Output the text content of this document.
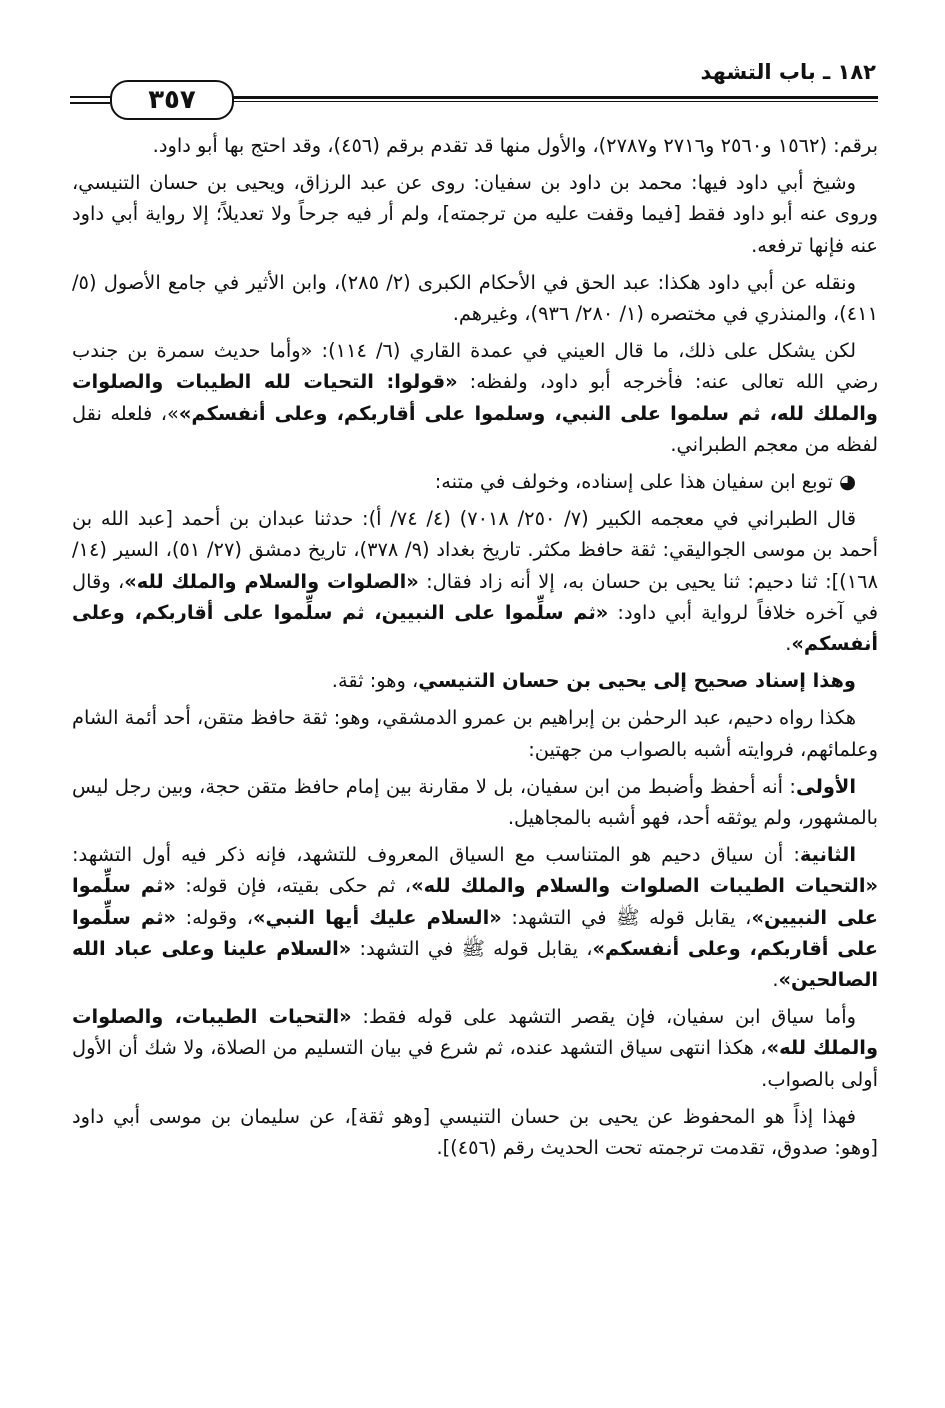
١٨٢ ـ باب التشهد
٣٥٧

برقم: (١٥٦٢ و٢٥٦٠ و٢٧١٦ و٢٧٨٧)، والأول منها قد تقدم برقم (٤٥٦)، وقد احتج بها أبو داود.

وشيخ أبي داود فيها: محمد بن داود بن سفيان: روى عن عبد الرزاق، ويحيى بن حسان التنيسي، وروى عنه أبو داود فقط [فيما وقفت عليه من ترجمته]، ولم أر فيه جرحاً ولا تعديلاً؛ إلا رواية أبي داود عنه فإنها ترفعه.

ونقله عن أبي داود هكذا: عبد الحق في الأحكام الكبرى (٢/ ٢٨٥)، وابن الأثير في جامع الأصول (٥/ ٤١١)، والمنذري في مختصره (١/ ٢٨٠/ ٩٣٦)، وغيرهم.

لكن يشكل على ذلك، ما قال العيني في عمدة القاري (٦/ ١١٤): «وأما حديث سمرة بن جندب رضي الله تعالى عنه: فأخرجه أبو داود، ولفظه: «قولوا: التحيات لله الطيبات والصلوات والملك لله، ثم سلموا على النبي، وسلموا على أقاربكم، وعلى أنفسكم»»، فلعله نقل لفظه من معجم الطبراني.

◕ توبع ابن سفيان هذا على إسناده، وخولف في متنه:

قال الطبراني في معجمه الكبير (٧/ ٢٥٠/ ٧٠١٨) (٤/ ٧٤/ أ): حدثنا عبدان بن أحمد [عبد الله بن أحمد بن موسى الجواليقي: ثقة حافظ مكثر. تاريخ بغداد (٩/ ٣٧٨)، تاريخ دمشق (٢٧/ ٥١)، السير (١٤/ ١٦٨)]: ثنا دحيم: ثنا يحيى بن حسان به، إلا أنه زاد فقال: «الصلوات والسلام والملك لله»، وقال في آخره خلافاً لرواية أبي داود: «ثم سلِّموا على النبيين، ثم سلِّموا على أقاربكم، وعلى أنفسكم».

وهذا إسناد صحيح إلى يحيى بن حسان التنيسي، وهو: ثقة.

هكذا رواه دحيم، عبد الرحمٰن بن إبراهيم بن عمرو الدمشقي، وهو: ثقة حافظ متقن، أحد أئمة الشام وعلمائهم، فروايته أشبه بالصواب من جهتين:

الأولى: أنه أحفظ وأضبط من ابن سفيان، بل لا مقارنة بين إمام حافظ متقن حجة، وبين رجل ليس بالمشهور، ولم يوثقه أحد، فهو أشبه بالمجاهيل.

الثانية: أن سياق دحيم هو المتناسب مع السياق المعروف للتشهد، فإنه ذكر فيه أول التشهد: «التحيات الطيبات الصلوات والسلام والملك لله»، ثم حكى بقيته، فإن قوله: «ثم سلِّموا على النبيين»، يقابل قوله ﷺ في التشهد: «السلام عليك أيها النبي»، وقوله: «ثم سلِّموا على أقاربكم، وعلى أنفسكم»، يقابل قوله ﷺ في التشهد: «السلام علينا وعلى عباد الله الصالحين».

وأما سياق ابن سفيان، فإن يقصر التشهد على قوله فقط: «التحيات الطيبات، والصلوات والملك لله»، هكذا انتهى سياق التشهد عنده، ثم شرع في بيان التسليم من الصلاة، ولا شك أن الأول أولى بالصواب.

فهذا إذاً هو المحفوظ عن يحيى بن حسان التنيسي [وهو ثقة]، عن سليمان بن موسى أبي داود [وهو: صدوق، تقدمت ترجمته تحت الحديث رقم (٤٥٦)].
